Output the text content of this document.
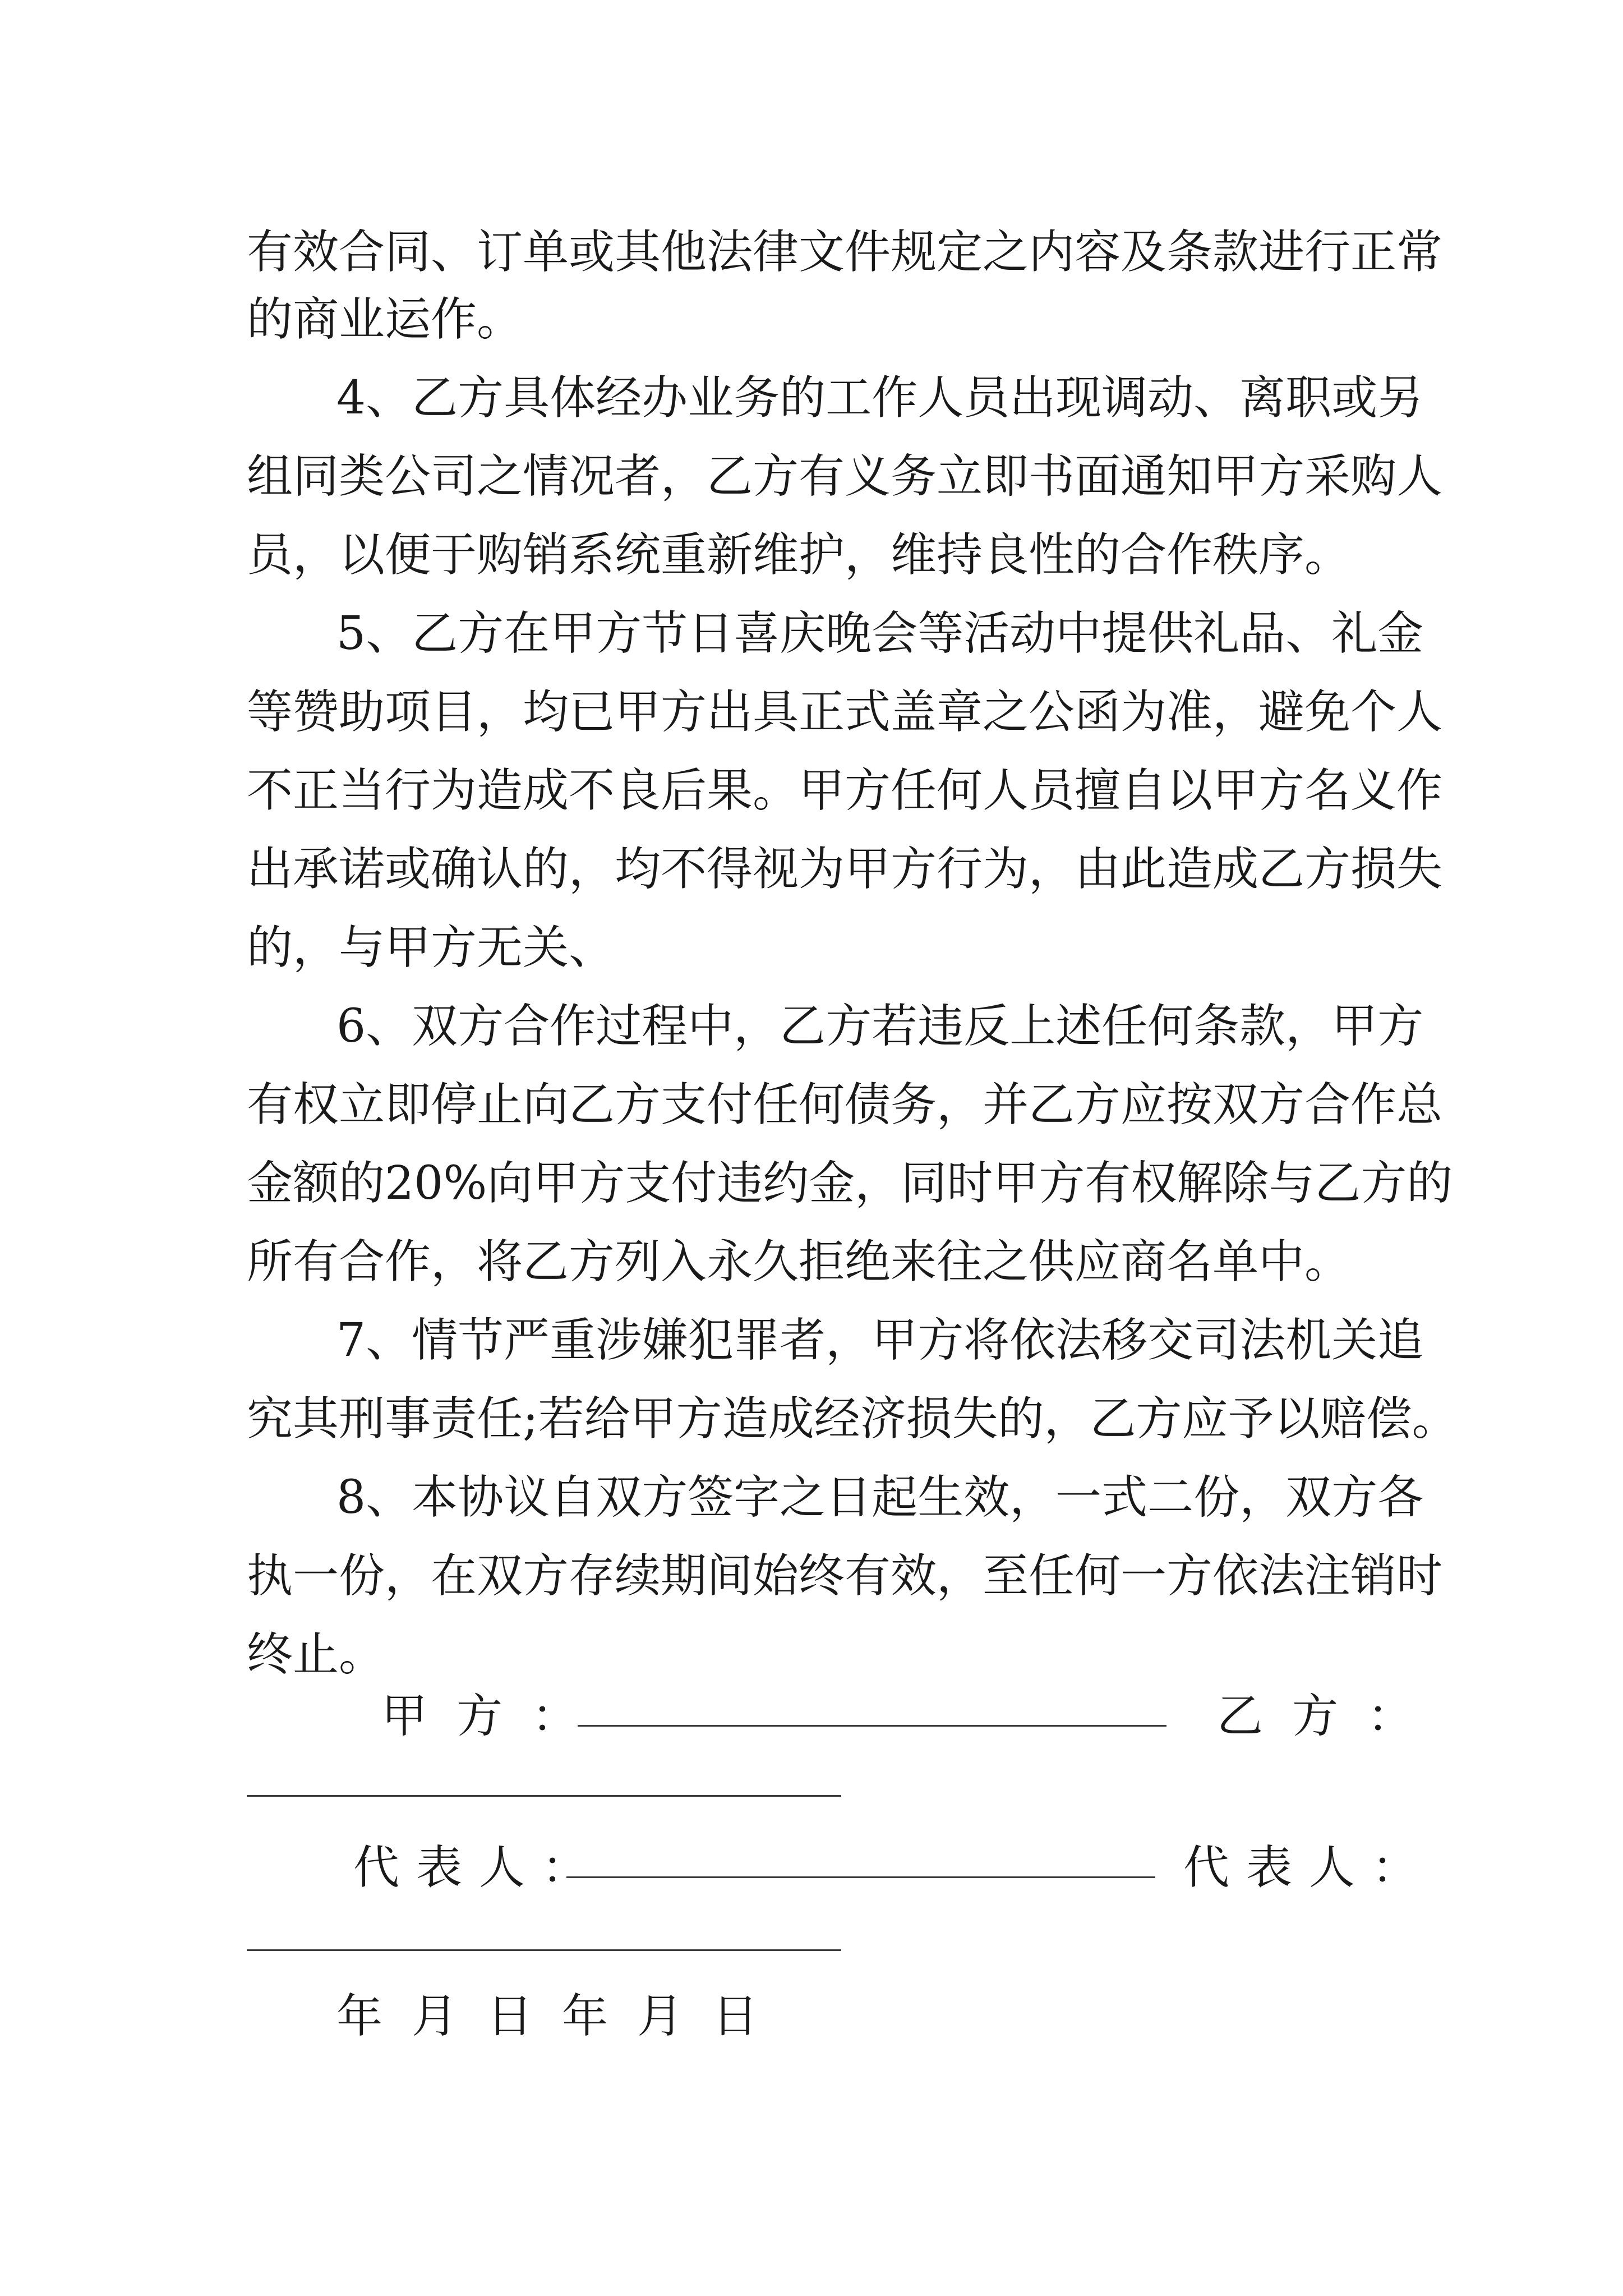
有效合同、订单或其他法律文件规定之内容及条款进行正常
的商业运作。
4、乙方具体经办业务的工作人员出现调动、离职或另
组同类公司之情况者，乙方有义务立即书面通知甲方采购人
员，以便于购销系统重新维护，维持良性的合作秩序。
5、乙方在甲方节日喜庆晚会等活动中提供礼品、礼金
等赞助项目，均已甲方出具正式盖章之公函为准，避免个人
不正当行为造成不良后果。甲方任何人员擅自以甲方名义作
出承诺或确认的，均不得视为甲方行为，由此造成乙方损失
的，与甲方无关、
6、双方合作过程中，乙方若违反上述任何条款，甲方
有权立即停止向乙方支付任何债务，并乙方应按双方合作总
金额的20%向甲方支付违约金，同时甲方有权解除与乙方的
所有合作，将乙方列入永久拒绝来往之供应商名单中。
7、情节严重涉嫌犯罪者，甲方将依法移交司法机关追
究其刑事责任;若给甲方造成经济损失的，乙方应予以赔偿。
8、本协议自双方签字之日起生效，一式二份，双方各
执一份，在双方存续期间始终有效，至任何一方依法注销时
终止。
甲方：	乙方：
代表人：	代表人：
年月日年月日
